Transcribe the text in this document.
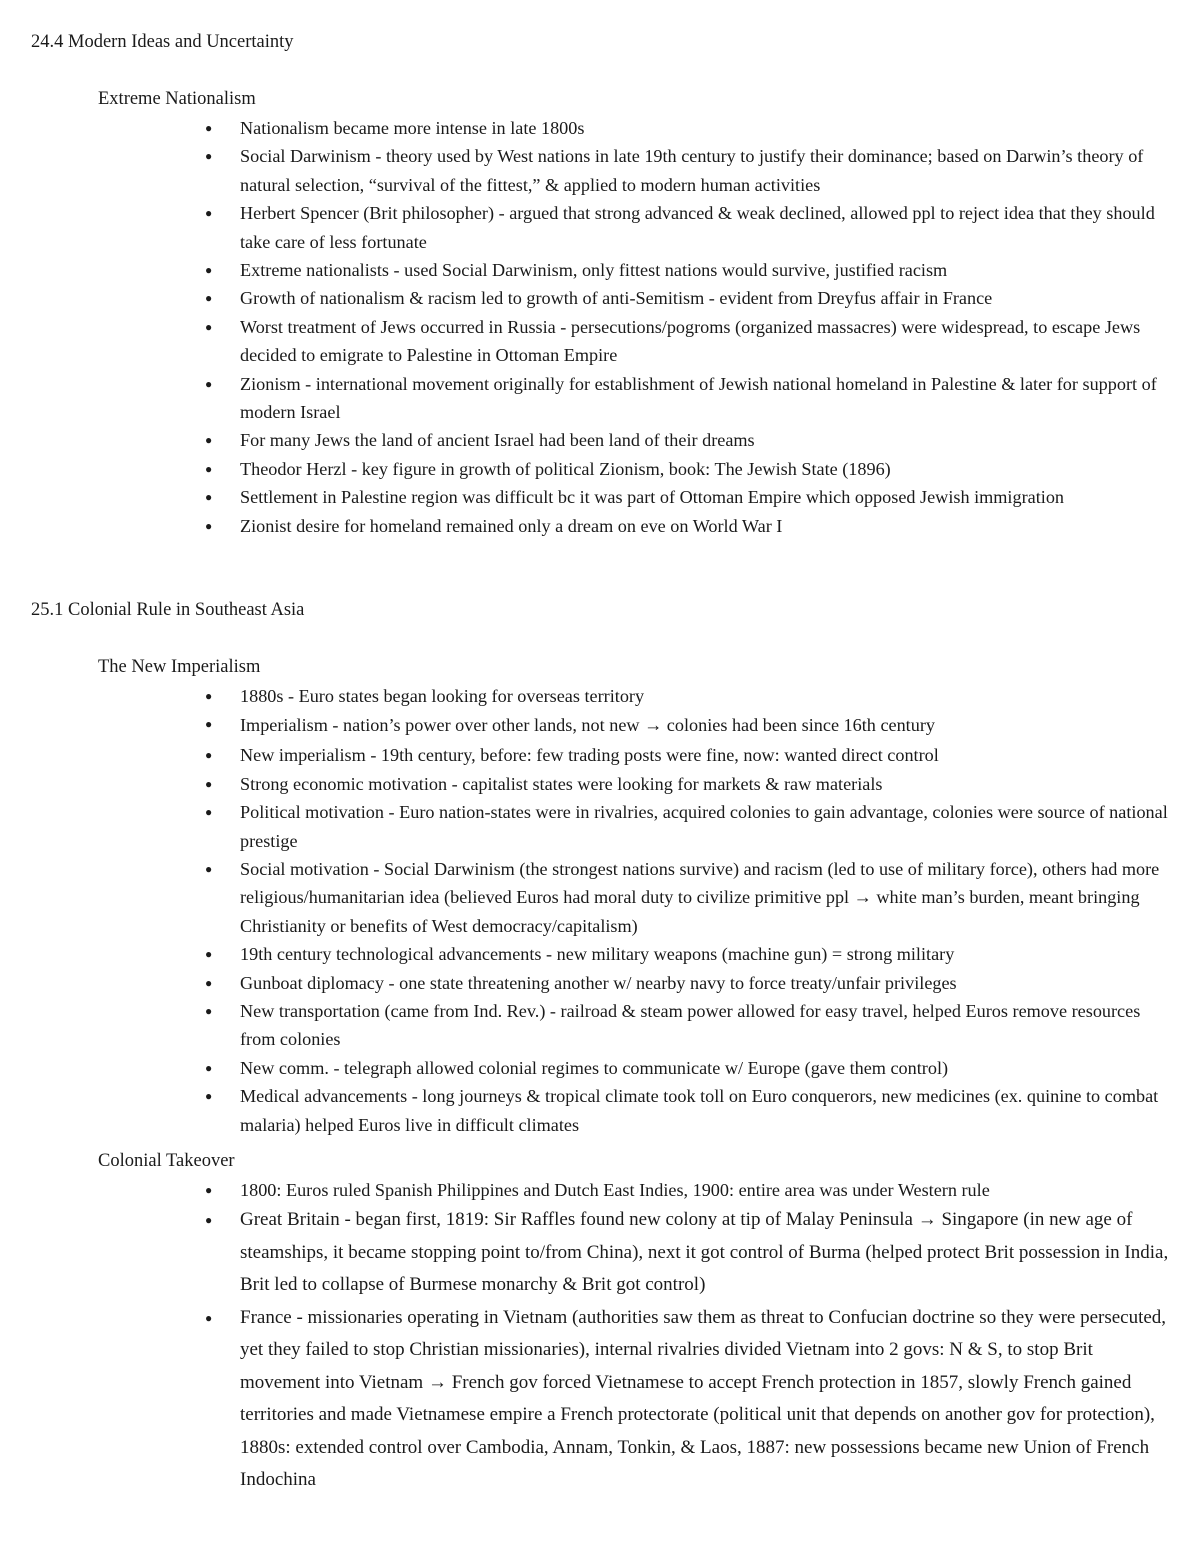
24.4 Modern Ideas and Uncertainty
Extreme Nationalism
● Nationalism became more intense in late 1800s
● Social Darwinism - theory used by West nations in late 19th century to justify their dominance; based on Darwin’s theory of natural selection, “survival of the fittest,” & applied to modern human activities
● Herbert Spencer (Brit philosopher) - argued that strong advanced & weak declined, allowed ppl to reject idea that they should take care of less fortunate
● Extreme nationalists - used Social Darwinism, only fittest nations would survive, justified racism
● Growth of nationalism & racism led to growth of anti-Semitism - evident from Dreyfus affair in France
● Worst treatment of Jews occurred in Russia - persecutions/pogroms (organized massacres) were widespread, to escape Jews decided to emigrate to Palestine in Ottoman Empire
● Zionism - international movement originally for establishment of Jewish national homeland in Palestine & later for support of modern Israel
● For many Jews the land of ancient Israel had been land of their dreams
● Theodor Herzl - key figure in growth of political Zionism, book: The Jewish State (1896)
● Settlement in Palestine region was difficult bc it was part of Ottoman Empire which opposed Jewish immigration
● Zionist desire for homeland remained only a dream on eve on World War I
25.1 Colonial Rule in Southeast Asia
The New Imperialism
● 1880s - Euro states began looking for overseas territory
● Imperialism - nation’s power over other lands, not new → colonies had been since 16th century
● New imperialism - 19th century, before: few trading posts were fine, now: wanted direct control
● Strong economic motivation - capitalist states were looking for markets & raw materials
● Political motivation - Euro nation-states were in rivalries, acquired colonies to gain advantage, colonies were source of national prestige
● Social motivation - Social Darwinism (the strongest nations survive) and racism (led to use of military force), others had more religious/humanitarian idea (believed Euros had moral duty to civilize primitive ppl → white man’s burden, meant bringing Christianity or benefits of West democracy/capitalism)
● 19th century technological advancements - new military weapons (machine gun) = strong military
● Gunboat diplomacy - one state threatening another w/ nearby navy to force treaty/unfair privileges
● New transportation (came from Ind. Rev.) - railroad & steam power allowed for easy travel, helped Euros remove resources from colonies
● New comm. - telegraph allowed colonial regimes to communicate w/ Europe (gave them control)
● Medical advancements - long journeys & tropical climate took toll on Euro conquerors, new medicines (ex. quinine to combat malaria) helped Euros live in difficult climates
Colonial Takeover
● 1800: Euros ruled Spanish Philippines and Dutch East Indies, 1900: entire area was under Western rule
● Great Britain - began first, 1819: Sir Raffles found new colony at tip of Malay Peninsula → Singapore (in new age of steamships, it became stopping point to/from China), next it got control of Burma (helped protect Brit possession in India, Brit led to collapse of Burmese monarchy & Brit got control)
● France - missionaries operating in Vietnam (authorities saw them as threat to Confucian doctrine so they were persecuted, yet they failed to stop Christian missionaries), internal rivalries divided Vietnam into 2 govs: N & S, to stop Brit movement into Vietnam → French gov forced Vietnamese to accept French protection in 1857, slowly French gained territories and made Vietnamese empire a French protectorate (political unit that depends on another gov for protection), 1880s: extended control over Cambodia, Annam, Tonkin, & Laos, 1887: new possessions became new Union of French Indochina
